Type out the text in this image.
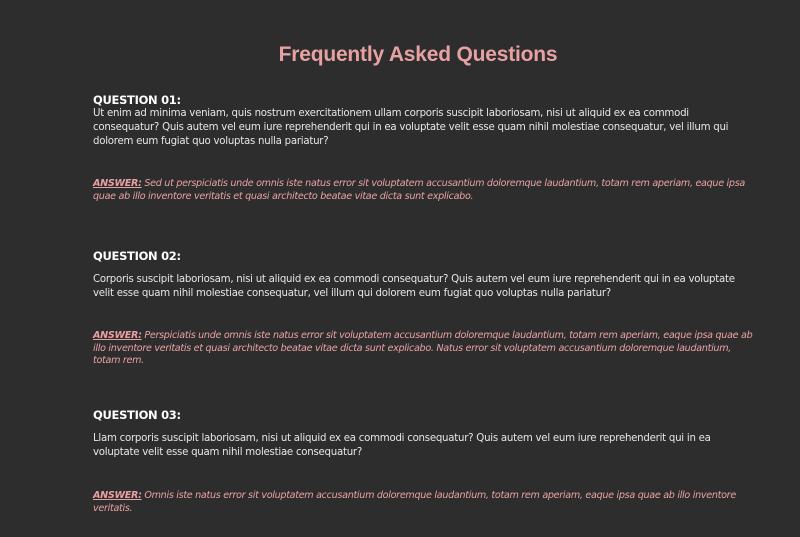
Frequently Asked Questions
QUESTION 01:
Ut enim ad minima veniam, quis nostrum exercitationem ullam corporis suscipit laboriosam, nisi ut aliquid ex ea commodi consequatur? Quis autem vel eum iure reprehenderit qui in ea voluptate velit esse quam nihil molestiae consequatur, vel illum qui dolorem eum fugiat quo voluptas nulla pariatur?
ANSWER: Sed ut perspiciatis unde omnis iste natus error sit voluptatem accusantium doloremque laudantium, totam rem aperiam, eaque ipsa quae ab illo inventore veritatis et quasi architecto beatae vitae dicta sunt explicabo.
QUESTION 02:
Corporis suscipit laboriosam, nisi ut aliquid ex ea commodi consequatur? Quis autem vel eum iure reprehenderit qui in ea voluptate velit esse quam nihil molestiae consequatur, vel illum qui dolorem eum fugiat quo voluptas nulla pariatur?
ANSWER: Perspiciatis unde omnis iste natus error sit voluptatem accusantium doloremque laudantium, totam rem aperiam, eaque ipsa quae ab illo inventore veritatis et quasi architecto beatae vitae dicta sunt explicabo. Natus error sit voluptatem accusantium doloremque laudantium, totam rem.
QUESTION 03:
Llam corporis suscipit laboriosam, nisi ut aliquid ex ea commodi consequatur? Quis autem vel eum iure reprehenderit qui in ea voluptate velit esse quam nihil molestiae consequatur?
ANSWER: Omnis iste natus error sit voluptatem accusantium doloremque laudantium, totam rem aperiam, eaque ipsa quae ab illo inventore veritatis.
